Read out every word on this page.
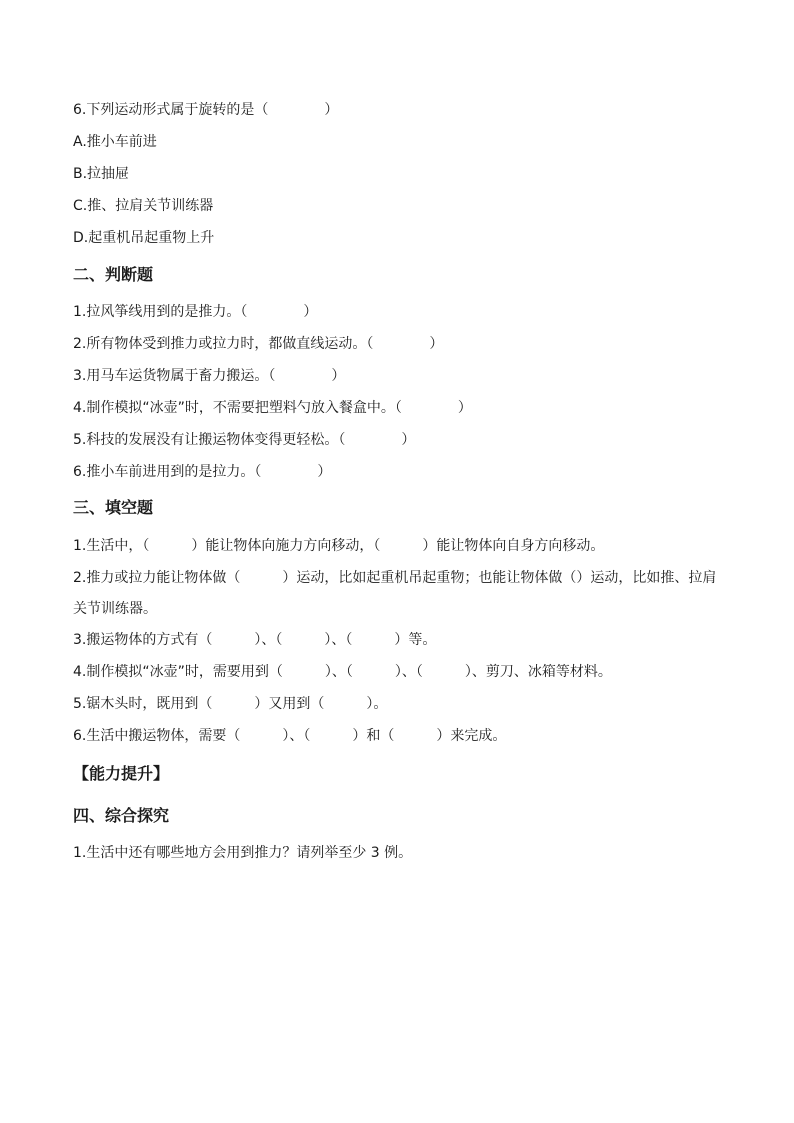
6.下列运动形式属于旋转的是（　　　　）
A.推小车前进
B.拉抽屉
C.推、拉肩关节训练器
D.起重机吊起重物上升
二、判断题
1.拉风筝线用到的是推力。（　　　　）
2.所有物体受到推力或拉力时，都做直线运动。（　　　　）
3.用马车运货物属于畜力搬运。（　　　　）
4.制作模拟“冰壶”时，不需要把塑料勺放入餐盒中。（　　　　）
5.科技的发展没有让搬运物体变得更轻松。（　　　　）
6.推小车前进用到的是拉力。（　　　　）
三、填空题
1.生活中，（　　　）能让物体向施力方向移动，（　　　）能让物体向自身方向移动。
2.推力或拉力能让物体做（　　　）运动，比如起重机吊起重物；也能让物体做（）运动，比如推、拉肩关节训练器。
3.搬运物体的方式有（　　　）、（　　　）、（　　　）等。
4.制作模拟“冰壶”时，需要用到（　　　）、（　　　）、（　　　）、剪刀、冰箱等材料。
5.锯木头时，既用到（　　　）又用到（　　　）。
6.生活中搬运物体，需要（　　　）、（　　　）和（　　　）来完成。
【能力提升】
四、综合探究
1.生活中还有哪些地方会用到推力？请列举至少 3 例。
